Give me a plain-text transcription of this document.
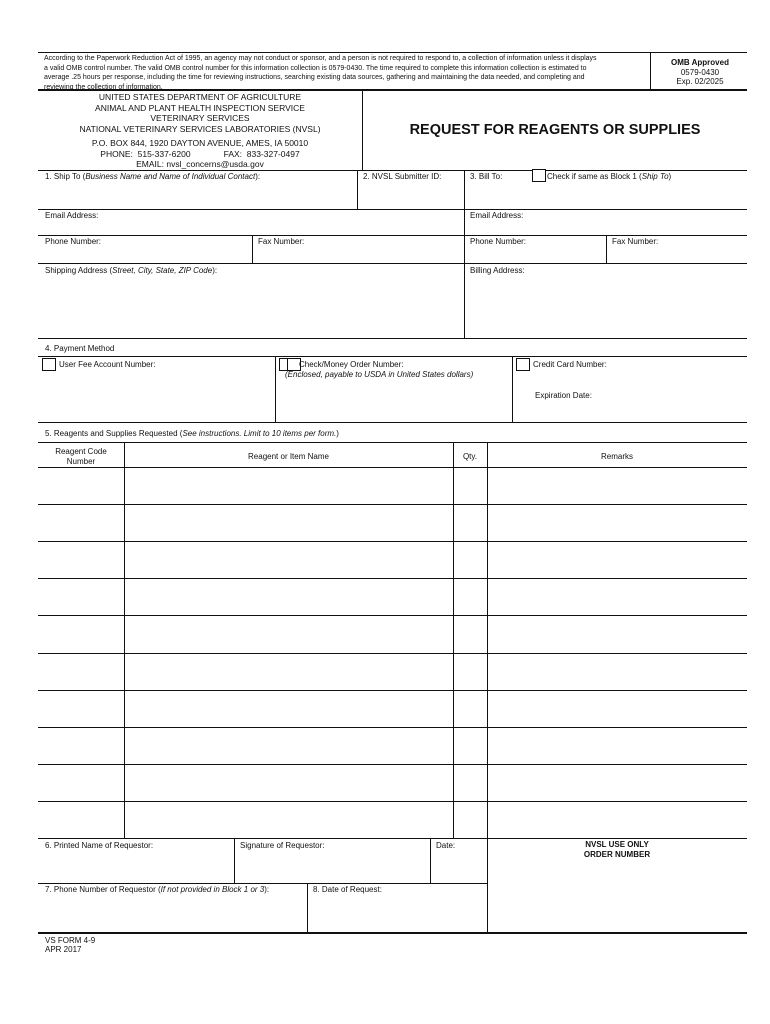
According to the Paperwork Reduction Act of 1995, an agency may not conduct or sponsor, and a person is not required to respond to, a collection of information unless it displays
a valid OMB control number. The valid OMB control number for this information collection is 0579-0430. The time required to complete this information collection is estimated to
average .25 hours per response, including the time for reviewing instructions, searching existing data sources, gathering and maintaining the data needed, and completing and
reviewing the collection of information.
OMB Approved
0579-0430
Exp. 02/2025
UNITED STATES DEPARTMENT OF AGRICULTURE
ANIMAL AND PLANT HEALTH INSPECTION SERVICE
VETERINARY SERVICES
NATIONAL VETERINARY SERVICES LABORATORIES (NVSL)
P.O. BOX 844, 1920 DAYTON AVENUE, AMES, IA 50010
PHONE:  515-337-6200              FAX:  833-327-0497
EMAIL: nvsl_concerns@usda.gov
REQUEST FOR REAGENTS OR SUPPLIES
1. Ship To (Business Name and Name of Individual Contact):	2. NVSL Submitter ID:	3. Bill To:	Check if same as Block 1 (Ship To)
Email Address:	Email Address:
Phone Number:	Fax Number:	Phone Number:	Fax Number:
Shipping Address (Street, City, State, ZIP Code):	Billing Address:
4. Payment Method
User Fee Account Number:	Check/Money Order Number:
(Enclosed, payable to USDA in United States dollars)
Credit Card Number:
Expiration Date:
5. Reagents and Supplies Requested (See instructions. Limit to 10 items per form.)
Reagent Code
Number
Reagent or Item Name	Qty.	Remarks
6. Printed Name of Requestor:	Signature of Requestor:	Date:	NVSL USE ONLY
ORDER NUMBER
7. Phone Number of Requestor (If not provided in Block 1 or 3):	8. Date of Request:
VS FORM 4-9
APR 2017
